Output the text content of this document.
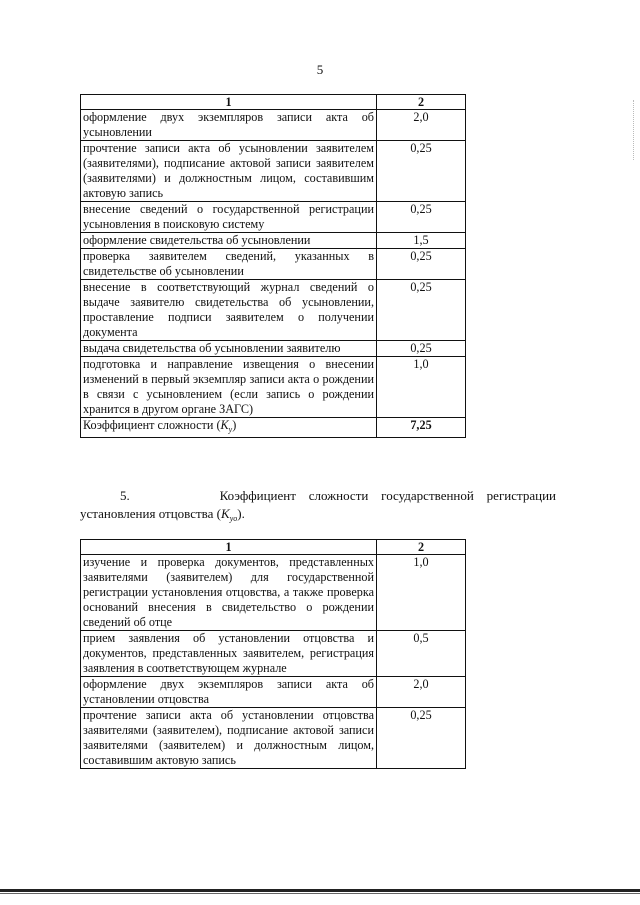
5
1	2
оформление двух экземпляров записи акта об усыновлении	2,0
прочтение записи акта об усыновлении заявителем (заявителями), подписание актовой записи заявителем (заявителями) и должностным лицом, составившим актовую запись	0,25
внесение сведений о государственной регистрации усыновления в поисковую систему	0,25
оформление свидетельства об усыновлении	1,5
проверка заявителем сведений, указанных в свидетельстве об усыновлении	0,25
внесение в соответствующий журнал сведений о выдаче заявителю свидетельства об усыновлении, проставление подписи заявителем о получении документа	0,25
выдача свидетельства об усыновлении заявителю	0,25
подготовка и направление извещения о внесении изменений в первый экземпляр записи акта о рождении в связи с усыновлением (если запись о рождении хранится в другом органе ЗАГС)	1,0
Коэффициент сложности $(K_у)$	7,25
5.	Коэффициент сложности государственной регистрации
установления отцовства $(K_{уо})$.
1	2
изучение и проверка документов, представленных заявителями (заявителем) для государственной регистрации установления отцовства, а также проверка оснований внесения в свидетельство о рождении сведений об отце	1,0
прием заявления об установлении отцовства и документов, представленных заявителем, регистрация заявления в соответствующем журнале	0,5
оформление двух экземпляров записи акта об установлении отцовства	2,0
прочтение записи акта об установлении отцовства заявителями (заявителем), подписание актовой записи заявителями (заявителем) и должностным лицом, составившим актовую запись	0,25
